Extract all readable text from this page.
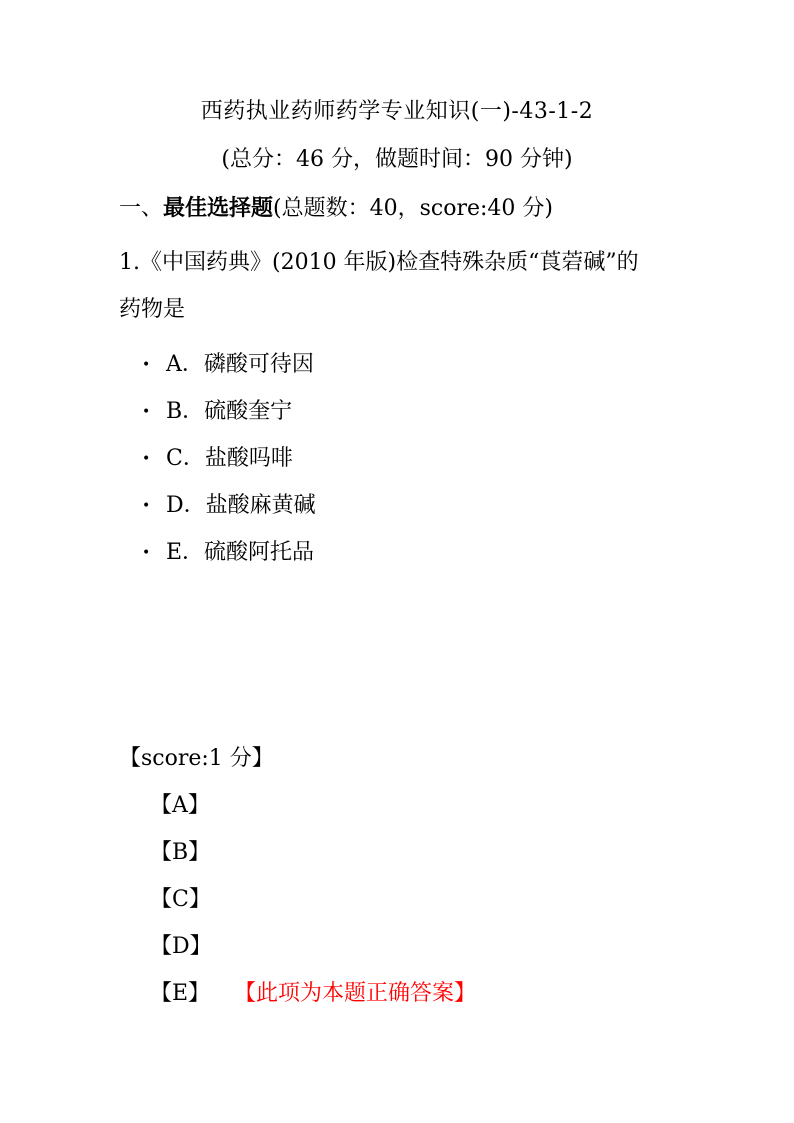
西药执业药师药学专业知识(一)-43-1-2
(总分：46 分，做题时间：90 分钟)
一、最佳选择题(总题数：40，score:40 分)
1.《中国药典》(2010 年版)检查特殊杂质“莨菪碱”的药物是
• A．磷酸可待因
• B．硫酸奎宁
• C．盐酸吗啡
• D．盐酸麻黄碱
• E．硫酸阿托品
【score:1 分】
【A】
【B】
【C】
【D】
【E】	【此项为本题正确答案】
